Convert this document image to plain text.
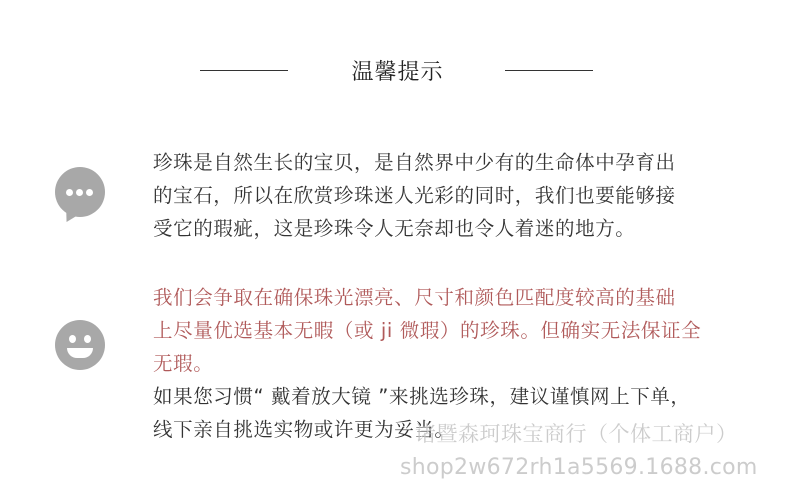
温馨提示

珍珠是自然生长的宝贝，是自然界中少有的生命体中孕育出
的宝石，所以在欣赏珍珠迷人光彩的同时，我们也要能够接
受它的瑕疵，这是珍珠令人无奈却也令人着迷的地方。

我们会争取在确保珠光漂亮、尺寸和颜色匹配度较高的基础
上尽量优选基本无暇（或 ji 微瑕）的珍珠。但确实无法保证全
无瑕。

如果您习惯“ 戴着放大镜 ”来挑选珍珠，建议谨慎网上下单，
线下亲自挑选实物或许更为妥当。

诸暨森珂珠宝商行（个体工商户）
shop2w672rh1a5569.1688.com
